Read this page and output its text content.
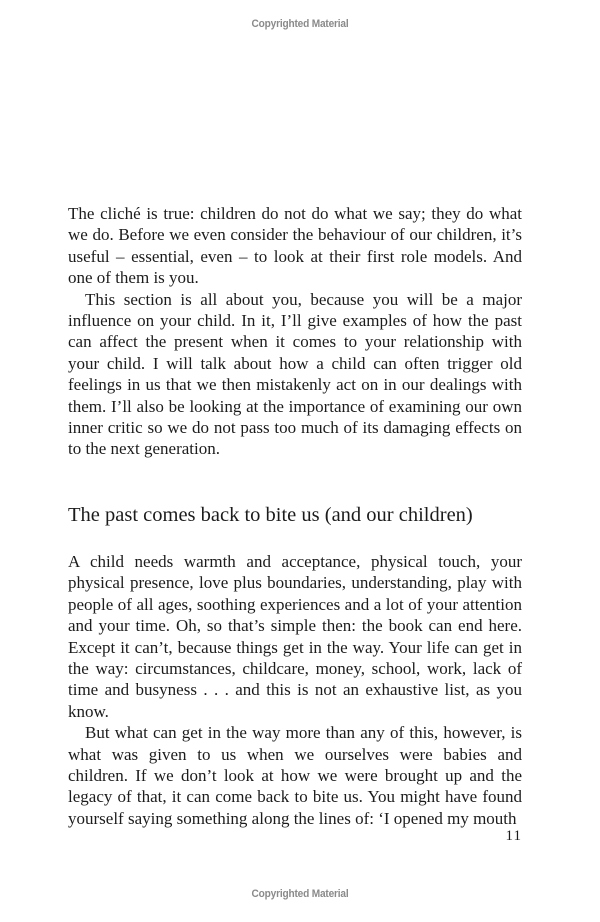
Copyrighted Material

The cliché is true: children do not do what we say; they do what we do. Before we even consider the behaviour of our children, it’s useful – essential, even – to look at their first role models. And one of them is you.

This section is all about you, because you will be a major influence on your child. In it, I’ll give examples of how the past can affect the present when it comes to your relationship with your child. I will talk about how a child can often trigger old feelings in us that we then mistakenly act on in our dealings with them. I’ll also be looking at the importance of examining our own inner critic so we do not pass too much of its damaging effects on to the next generation.

The past comes back to bite us (and our children)

A child needs warmth and acceptance, physical touch, your physical presence, love plus boundaries, understanding, play with people of all ages, soothing experiences and a lot of your attention and your time. Oh, so that’s simple then: the book can end here. Except it can’t, because things get in the way. Your life can get in the way: circumstances, childcare, money, school, work, lack of time and busyness . . . and this is not an exhaustive list, as you know.

But what can get in the way more than any of this, however, is what was given to us when we ourselves were babies and children. If we don’t look at how we were brought up and the legacy of that, it can come back to bite us. You might have found yourself saying something along the lines of: ‘I opened my mouth

11
Copyrighted Material
